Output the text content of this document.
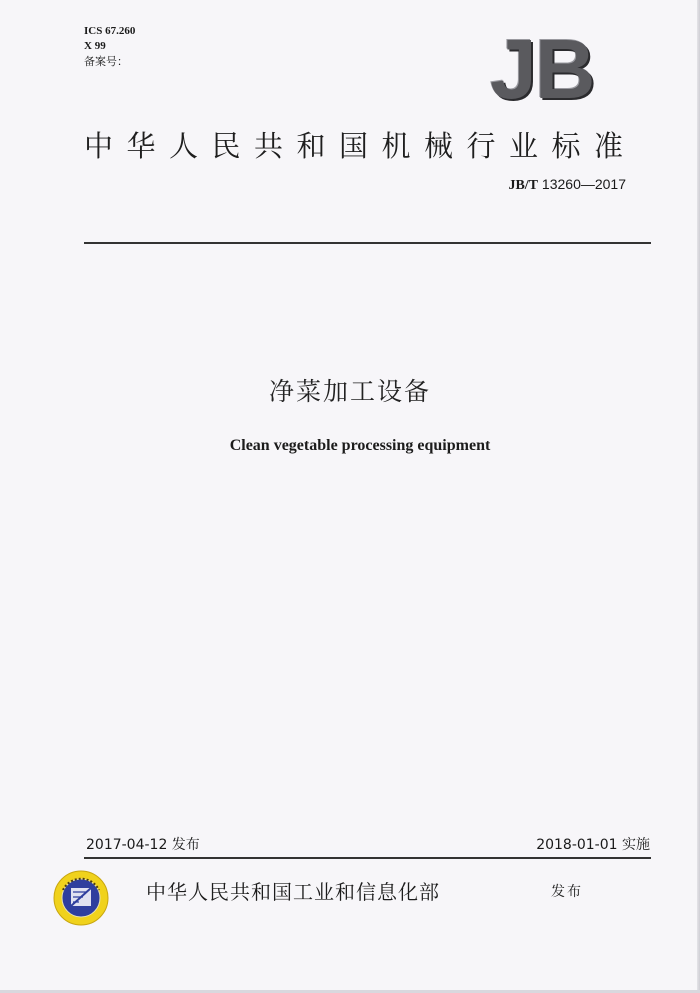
ICS 67.260
X 99
备案号：	JB
中华人民共和国机械行业标准
JB/T 13260—2017
净菜加工设备
Clean vegetable processing equipment
2017-04-12 发布	2018-01-01 实施
中华人民共和国工业和信息化部	发布
